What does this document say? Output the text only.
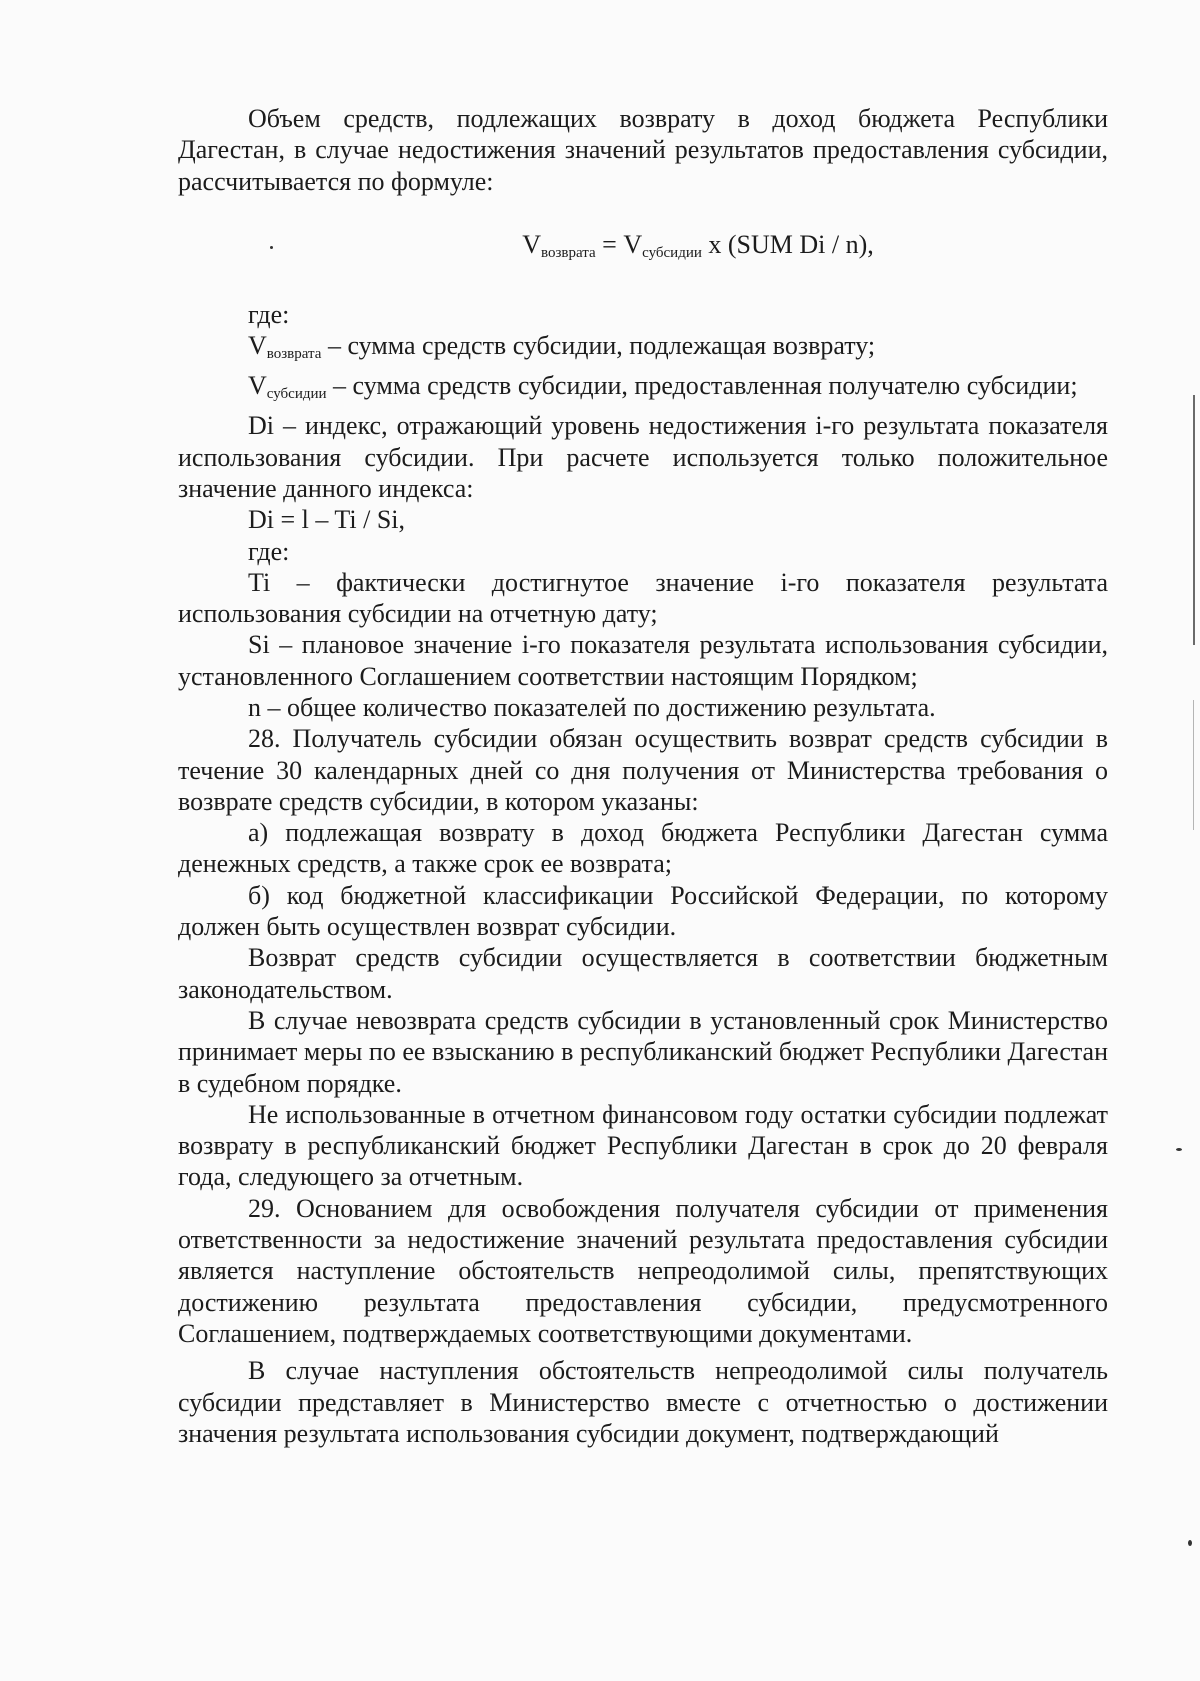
Объем средств, подлежащих возврату в доход бюджета Республики Дагестан, в случае недостижения значений результатов предоставления субсидии, рассчитывается по формуле:

$V_{возврата} = V_{субсидии}$ x (SUM Di / n),

где:

$V_{возврата}$ – сумма средств субсидии, подлежащая возврату;

$V_{субсидии}$ – сумма средств субсидии, предоставленная получателю субсидии;

Di – индекс, отражающий уровень недостижения i-го результата показателя использования субсидии. При расчете используется только положительное значение данного индекса:

Di = l – Ti / Si,

где:

Ti – фактически достигнутое значение i-го показателя результата использования субсидии на отчетную дату;

Si – плановое значение i-го показателя результата использования субсидии, установленного Соглашением соответствии настоящим Порядком;

n – общее количество показателей по достижению результата.

28. Получатель субсидии обязан осуществить возврат средств субсидии в течение 30 календарных дней со дня получения от Министерства требования о возврате средств субсидии, в котором указаны:

а) подлежащая возврату в доход бюджета Республики Дагестан сумма денежных средств, а также срок ее возврата;

б) код бюджетной классификации Российской Федерации, по которому должен быть осуществлен возврат субсидии.

Возврат средств субсидии осуществляется в соответствии бюджетным законодательством.

В случае невозврата средств субсидии в установленный срок Министерство принимает меры по ее взысканию в республиканский бюджет Республики Дагестан в судебном порядке.

Не использованные в отчетном финансовом году остатки субсидии подлежат возврату в республиканский бюджет Республики Дагестан в срок до 20 февраля года, следующего за отчетным.

29. Основанием для освобождения получателя субсидии от применения ответственности за недостижение значений результата предоставления субсидии является наступление обстоятельств непреодолимой силы, препятствующих достижению результата предоставления субсидии, предусмотренного Соглашением, подтверждаемых соответствующими документами.

В случае наступления обстоятельств непреодолимой силы получатель субсидии представляет в Министерство вместе с отчетностью о достижении значения результата использования субсидии документ, подтверждающий
